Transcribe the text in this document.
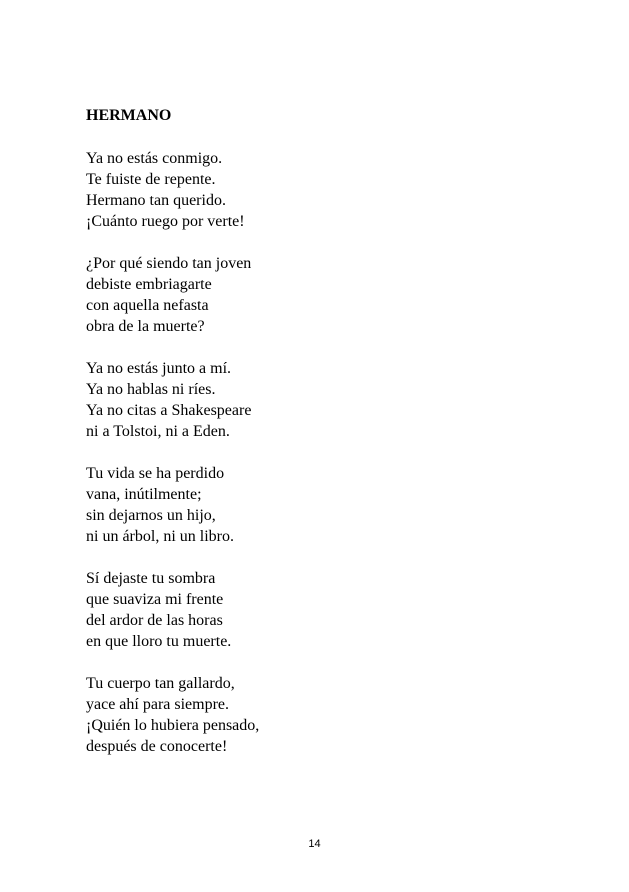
HERMANO
Ya no estás conmigo.
Te fuiste de repente.
Hermano tan querido.
¡Cuánto ruego por verte!
¿Por qué siendo tan joven
debiste embriagarte
con aquella nefasta
obra de la muerte?
Ya no estás junto a mí.
Ya no hablas ni ríes.
Ya no citas a Shakespeare
ni a Tolstoi, ni a Eden.
Tu vida se ha perdido
vana, inútilmente;
sin dejarnos un hijo,
ni un árbol, ni un libro.
Sí dejaste tu sombra
que suaviza mi frente
del ardor de las horas
en que lloro tu muerte.
Tu cuerpo tan gallardo,
yace ahí para siempre.
¡Quién lo hubiera pensado,
después de conocerte!
14
